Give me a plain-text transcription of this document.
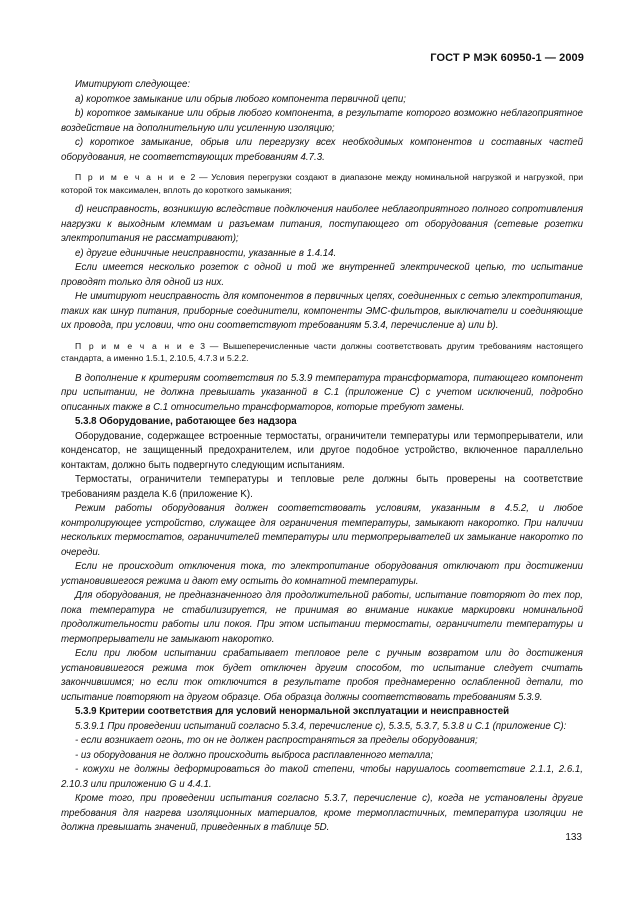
ГОСТ Р МЭК 60950-1 — 2009

Имитируют следующее:

a) короткое замыкание или обрыв любого компонента первичной цепи;

b) короткое замыкание или обрыв любого компонента, в результате которого возможно неблагоприятное воздействие на дополнительную или усиленную изоляцию;

c) короткое замыкание, обрыв или перегрузку всех необходимых компонентов и составных частей оборудования, не соответствующих требованиям 4.7.3.

П р и м е ч а н и е 2 — Условия перегрузки создают в диапазоне между номинальной нагрузкой и нагрузкой, при которой ток максимален, вплоть до короткого замыкания;

d) неисправность, возникшую вследствие подключения наиболее неблагоприятного полного сопротивления нагрузки к выходным клеммам и разъемам питания, поступающего от оборудования (сетевые розетки электропитания не рассматривают);

e) другие единичные неисправности, указанные в 1.4.14.

Если имеется несколько розеток с одной и той же внутренней электрической цепью, то испытание проводят только для одной из них.

Не имитируют неисправность для компонентов в первичных цепях, соединенных с сетью электропитания, таких как шнур питания, приборные соединители, компоненты ЭМС-фильтров, выключатели и соединяющие их провода, при условии, что они соответствуют требованиям 5.3.4, перечисление a) или b).

П р и м е ч а н и е 3 — Вышеперечисленные части должны соответствовать другим требованиям настоящего стандарта, а именно 1.5.1, 2.10.5, 4.7.3 и 5.2.2.

В дополнение к критериям соответствия по 5.3.9 температура трансформатора, питающего компонент при испытании, не должна превышать указанной в C.1 (приложение C) с учетом исключений, подробно описанных также в C.1 относительно трансформаторов, которые требуют замены.

5.3.8 Оборудование, работающее без надзора

Оборудование, содержащее встроенные термостаты, ограничители температуры или термопрерыватели, или конденсатор, не защищенный предохранителем, или другое подобное устройство, включенное параллельно контактам, должно быть подвергнуто следующим испытаниям.

Термостаты, ограничители температуры и тепловые реле должны быть проверены на соответствие требованиям раздела K.6 (приложение K).

Режим работы оборудования должен соответствовать условиям, указанным в 4.5.2, и любое контролирующее устройство, служащее для ограничения температуры, замыкают накоротко. При наличии нескольких термостатов, ограничителей температуры или термопрерывателей их замыкание накоротко по очереди.

Если не происходит отключения тока, то электропитание оборудования отключают при достижении установившегося режима и дают ему остыть до комнатной температуры.

Для оборудования, не предназначенного для продолжительной работы, испытание повторяют до тех пор, пока температура не стабилизируется, не принимая во внимание никакие маркировки номинальной продолжительности работы или покоя. При этом испытании термостаты, ограничители температуры и термопрерыватели не замыкают накоротко.

Если при любом испытании срабатывает тепловое реле с ручным возвратом или до достижения установившегося режима ток будет отключен другим способом, то испытание следует считать закончившимся; но если ток отключится в результате пробоя преднамеренно ослабленной детали, то испытание повторяют на другом образце. Оба образца должны соответствовать требованиям 5.3.9.

5.3.9 Критерии соответствия для условий ненормальной эксплуатации и неисправностей

5.3.9.1 При проведении испытаний согласно 5.3.4, перечисление c), 5.3.5, 5.3.7, 5.3.8 и C.1 (приложение C):

- если возникает огонь, то он не должен распространяться за пределы оборудования;

- из оборудования не должно происходить выброса расплавленного металла;

- кожухи не должны деформироваться до такой степени, чтобы нарушалось соответствие 2.1.1, 2.6.1, 2.10.3 или приложению G и 4.4.1.

Кроме того, при проведении испытания согласно 5.3.7, перечисление c), когда не установлены другие требования для нагрева изоляционных материалов, кроме термопластичных, температура изоляции не должна превышать значений, приведенных в таблице 5D.

133
